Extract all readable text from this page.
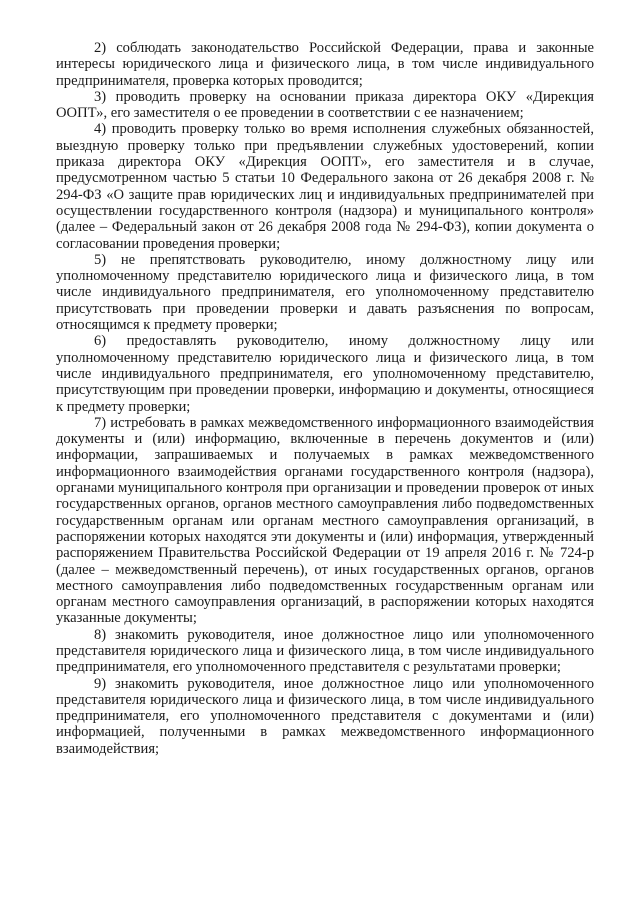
2) соблюдать законодательство Российской Федерации, права и законные интересы юридического лица и физического лица, в том числе индивидуального предпринимателя, проверка которых проводится;

3) проводить проверку на основании приказа директора ОКУ «Дирекция ООПТ», его заместителя о ее проведении в соответствии с ее назначением;

4) проводить проверку только во время исполнения служебных обязанностей, выездную проверку только при предъявлении служебных удостоверений, копии приказа директора ОКУ «Дирекция ООПТ», его заместителя и в случае, предусмотренном частью 5 статьи 10 Федерального закона от 26 декабря 2008 г. № 294-ФЗ «О защите прав юридических лиц и индивидуальных предпринимателей при осуществлении государственного контроля (надзора) и муниципального контроля» (далее – Федеральный закон от 26 декабря 2008 года № 294-ФЗ), копии документа о согласовании проведения проверки;

5) не препятствовать руководителю, иному должностному лицу или уполномоченному представителю юридического лица и физического лица, в том числе индивидуального предпринимателя, его уполномоченному представителю присутствовать при проведении проверки и давать разъяснения по вопросам, относящимся к предмету проверки;

6) предоставлять руководителю, иному должностному лицу или уполномоченному представителю юридического лица и физического лица, в том числе индивидуального предпринимателя, его уполномоченному представителю, присутствующим при проведении проверки, информацию и документы, относящиеся к предмету проверки;

7) истребовать в рамках межведомственного информационного взаимодействия документы и (или) информацию, включенные в перечень документов и (или) информации, запрашиваемых и получаемых в рамках межведомственного информационного взаимодействия органами государственного контроля (надзора), органами муниципального контроля при организации и проведении проверок от иных государственных органов, органов местного самоуправления либо подведомственных государственным органам или органам местного самоуправления организаций, в распоряжении которых находятся эти документы и (или) информация, утвержденный распоряжением Правительства Российской Федерации от 19 апреля 2016 г. № 724-р (далее – межведомственный перечень), от иных государственных органов, органов местного самоуправления либо подведомственных государственным органам или органам местного самоуправления организаций, в распоряжении которых находятся указанные документы;

8) знакомить руководителя, иное должностное лицо или уполномоченного представителя юридического лица и физического лица, в том числе индивидуального предпринимателя, его уполномоченного представителя с результатами проверки;

9) знакомить руководителя, иное должностное лицо или уполномоченного представителя юридического лица и физического лица, в том числе индивидуального предпринимателя, его уполномоченного представителя с документами и (или) информацией, полученными в рамках межведомственного информационного взаимодействия;
